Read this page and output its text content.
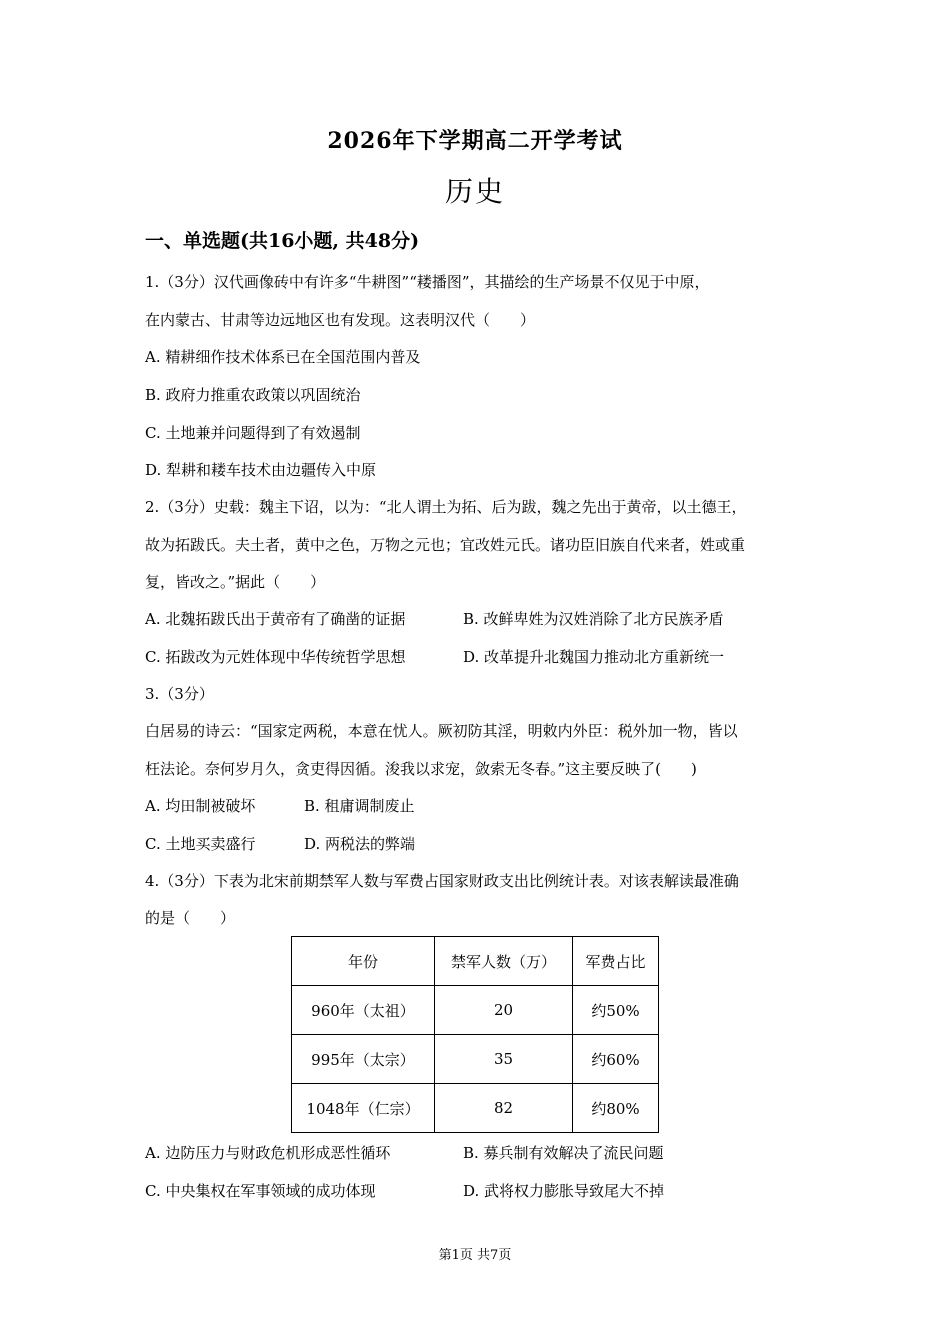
2026年下学期高二开学考试
历史
一、单选题(共16小题, 共48分)
1.（3分）汉代画像砖中有许多“牛耕图”“耧播图”，其描绘的生产场景不仅见于中原，
在内蒙古、甘肃等边远地区也有发现。这表明汉代（　　）
A. 精耕细作技术体系已在全国范围内普及
B. 政府力推重农政策以巩固统治
C. 土地兼并问题得到了有效遏制
D. 犁耕和耧车技术由边疆传入中原
2.（3分）史载：魏主下诏，以为：“北人谓土为拓、后为跋，魏之先出于黄帝，以土德王，
故为拓跋氏。夫土者，黄中之色，万物之元也；宜改姓元氏。诸功臣旧族自代来者，姓或重
复，皆改之。”据此（　　）
A. 北魏拓跋氏出于黄帝有了确凿的证据	B. 改鲜卑姓为汉姓消除了北方民族矛盾
C. 拓跋改为元姓体现中华传统哲学思想	D. 改革提升北魏国力推动北方重新统一
3.（3分）
白居易的诗云：“国家定两税，本意在忧人。厥初防其淫，明敕内外臣：税外加一物，皆以
枉法论。奈何岁月久，贪吏得因循。浚我以求宠，敛索无冬春。”这主要反映了(　　)
A. 均田制被破坏	B. 租庸调制废止
C. 土地买卖盛行	D. 两税法的弊端
4.（3分）下表为北宋前期禁军人数与军费占国家财政支出比例统计表。对该表解读最准确
的是（　　）
年份	禁军人数（万）	军费占比
960年（太祖）	20	约50%
995年（太宗）	35	约60%
1048年（仁宗）	82	约80%
A. 边防压力与财政危机形成恶性循环	B. 募兵制有效解决了流民问题
C. 中央集权在军事领域的成功体现	D. 武将权力膨胀导致尾大不掉
第1页 共7页
